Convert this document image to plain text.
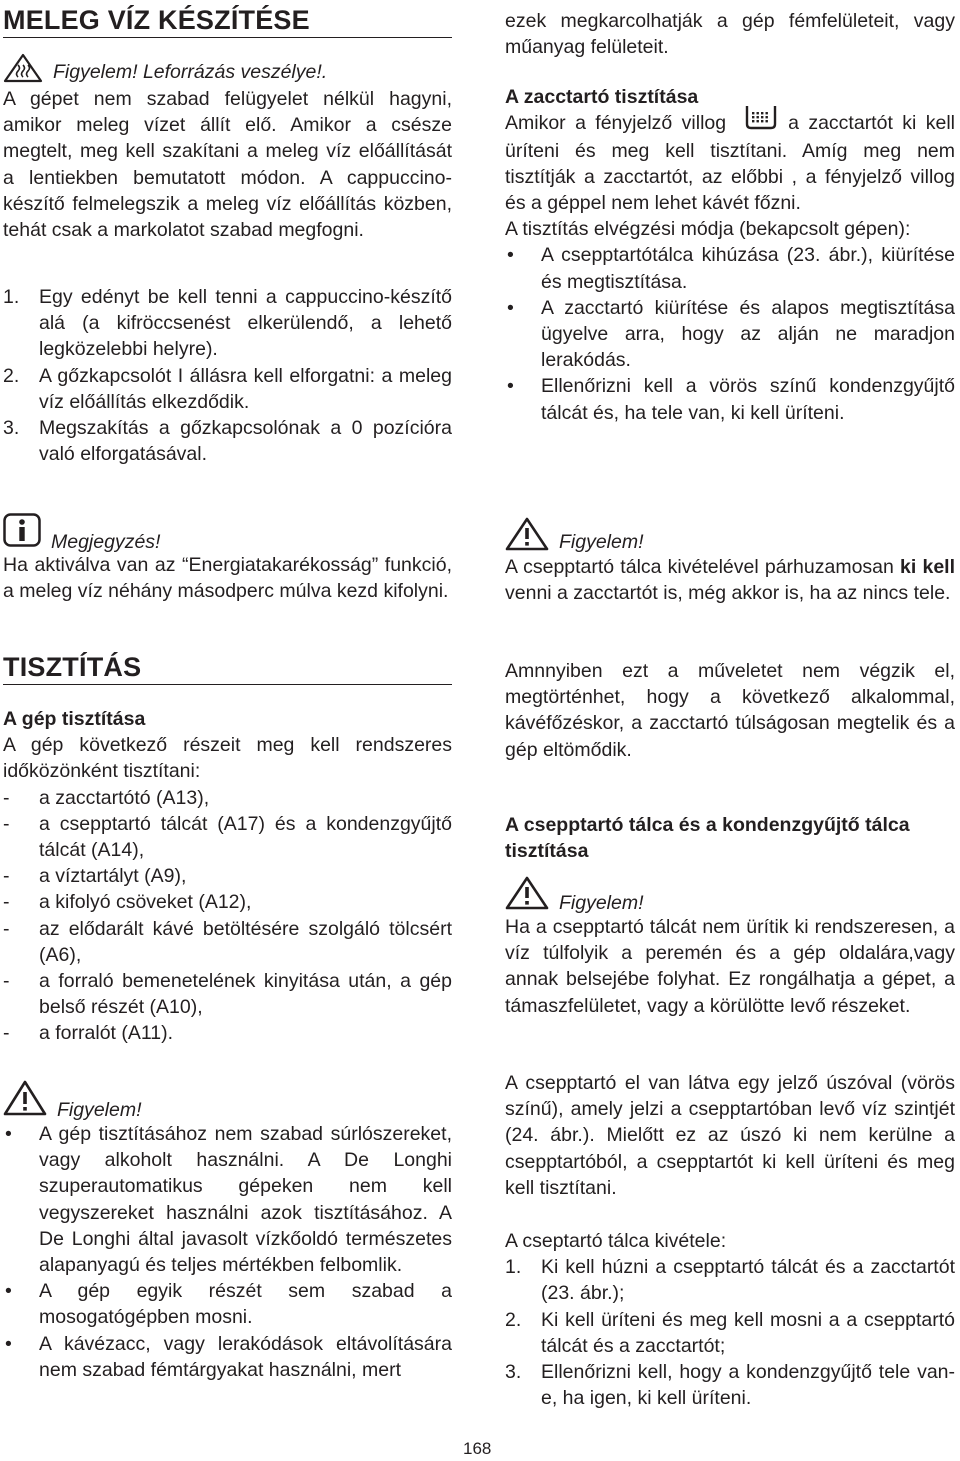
MELEG VÍZ KÉSZÍTÉSE
Figyelem! Leforrázás veszélye!.

A gépet nem szabad felügyelet nélkül hagyni, amikor meleg vízet állít elő. Amikor a csésze megtelt, meg kell szakítani a meleg víz előállítását a lentiekben bemutatott módon. A cappuccino-készítő felmelegszik a meleg víz előállítás közben, tehát csak a markolatot szabad megfogni.

1. Egy edényt be kell tenni a cappuccino-készítő alá (a kifröccsenést elkerülendő, a lehető legközelebbi helyre).
2. A gőzkapcsolót I állásra kell elforgatni: a meleg víz előállítás elkezdődik.
3. Megszakítás a gőzkapcsolónak a 0 pozícióra való elforgatásával.
Megjegyzés!

Ha aktiválva van az “Energiatakarékosság” funkció, a meleg víz néhány másodperc múlva kezd kifolyni.

TISZTÍTÁS
A gép tisztítása

A gép következő részeit meg kell rendszeres időközönként tisztítani:

- a zacctartótó (A13),
- a csepptartó tálcát (A17) és a kondenzgyűjtő tálcát (A14),
- a víztartályt (A9),
- a kifolyó csöveket (A12),
- az elődarált kávé betöltésére szolgáló tölcsért (A6),
- a forraló bemenetelének kinyitása után, a gép belső részét (A10),
- a forralót (A11).
Figyelem!
• A gép tisztításához nem szabad súrlószereket, vagy alkoholt használni. A De Longhi szuperautomatikus gépeken nem kell vegyszereket használni azok tisztításához. A De Longhi által javasolt vízkőoldó természetes alapanyagú és teljes mértékben felbomlik.
• A gép egyik részét sem szabad a mosogatógépben mosni.
• A kávézacc, vagy lerakódások eltávolítására nem szabad fémtárgyakat használni, mert

ezek megkarcolhatják a gép fémfelületeit, vagy műanyag felületeit.

A zacctartó tisztítása

Amikor a fényjelző villog	a zacctartót ki kell üríteni és meg kell tisztítani. Amíg meg nem tisztítják a zacctartót, az előbbi , a fényjelző villog és a géppel nem lehet kávét főzni.

A tisztítás elvégzési módja (bekapcsolt gépen):

• A csepptartótálca kihúzása (23. ábr.), kiürítése és megtisztítása.
• A zacctartó kiürítése és alapos megtisztítása ügyelve arra, hogy az alján ne maradjon lerakódás.
• Ellenőrizni kell a vörös színű kondenzgyűjtő tálcát és, ha tele van, ki kell üríteni.
Figyelem!

A csepptartó tálca kivételével párhuzamosan ki kell venni a zacctartót is, még akkor is, ha az nincs tele.

Amnnyiben ezt a műveletet nem végzik el, megtörténhet, hogy a következő alkalommal, kávéfőzéskor, a zacctartó túlságosan megtelik és a gép eltömődik.

A csepptartó tálca és a kondenzgyűjtő tálca tisztítása
Figyelem!

Ha a csepptartó tálcát nem ürítik ki rendszeresen, a víz túlfolyik a peremén és a gép oldalára,vagy annak belsejébe folyhat. Ez rongálhatja a gépet, a támaszfelületet, vagy a körülötte levő részeket.

A csepptartó el van látva egy jelző úszóval (vörös színű), amely jelzi a csepptartóban levő víz szintjét (24. ábr.). Mielőtt ez az úszó ki nem kerülne a csepptartóból, a csepptartót ki kell üríteni és meg kell tisztítani.

A cseptartó tálca kivétele:

1. Ki kell húzni a csepptartó tálcát és a zacctartót (23. ábr.);
2. Ki kell üríteni és meg kell mosni a a csepptartó tálcát és a zacctartót;
3. Ellenőrizni kell, hogy a kondenzgyűjtő tele van-e, ha igen, ki kell üríteni.
168
